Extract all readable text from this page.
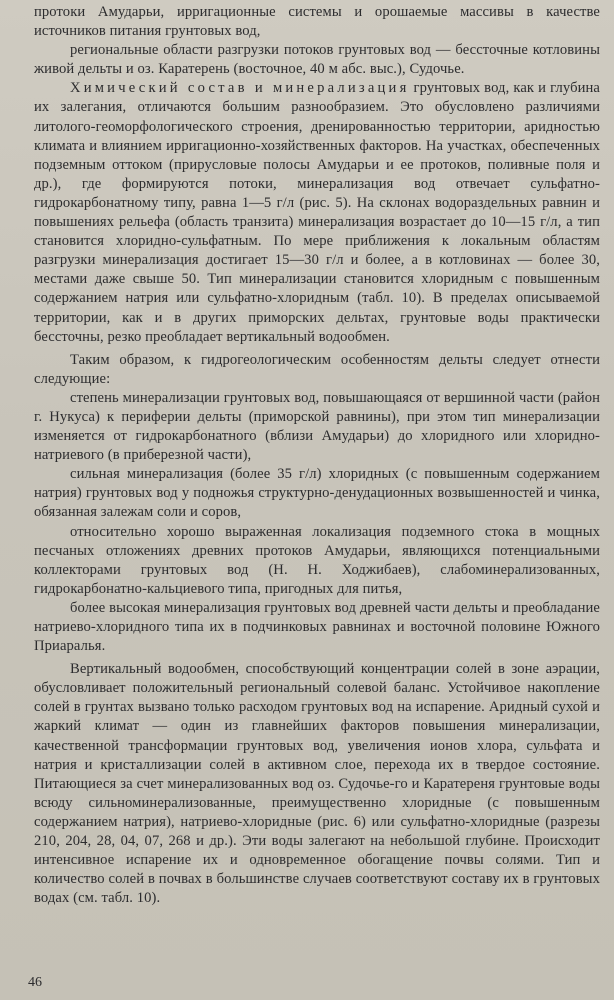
протоки Амударьи, ирригационные системы и орошаемые массивы в качестве источников питания грунтовых вод,

региональные области разгрузки потоков грунтовых вод — бессточные котловины живой дельты и оз. Каратерень (восточное, 40 м абс. выс.), Судочье.

Химический состав и минерализация грунтовых вод, как и глубина их залегания, отличаются большим разнообразием. Это обусловлено различиями литолого-геоморфологического строения, дренированностью территории, аридностью климата и влиянием ирригационно-хозяйственных факторов. На участках, обеспеченных подземным оттоком (прирусловые полосы Амударьи и ее протоков, поливные поля и др.), где формируются потоки, минерализация вод отвечает сульфатно-гидрокарбонатному типу, равна 1—5 г/л (рис. 5). На склонах водораздельных равнин и повышениях рельефа (область транзита) минерализация возрастает до 10—15 г/л, а тип становится хлоридно-сульфатным. По мере приближения к локальным областям разгрузки минерализация достигает 15—30 г/л и более, а в котловинах — более 30, местами даже свыше 50. Тип минерализации становится хлоридным с повышенным содержанием натрия или сульфатно-хлоридным (табл. 10). В пределах описываемой территории, как и в других приморских дельтах, грунтовые воды практически бессточны, резко преобладает вертикальный водообмен.

Таким образом, к гидрогеологическим особенностям дельты следует отнести следующие:

степень минерализации грунтовых вод, повышающаяся от вершинной части (район г. Нукуса) к периферии дельты (приморской равнины), при этом тип минерализации изменяется от гидрокарбонатного (вблизи Амударьи) до хлоридного или хлоридно-натриевого (в приберезной части),

сильная минерализация (более 35 г/л) хлоридных (с повышенным содержанием натрия) грунтовых вод у подножья структурно-денудационных возвышенностей и чинка, обязанная залежам соли и соров,

относительно хорошо выраженная локализация подземного стока в мощных песчаных отложениях древних протоков Амударьи, являющихся потенциальными коллекторами грунтовых вод (Н. Н. Ходжибаев), слабоминерализованных, гидрокарбонатно-кальциевого типа, пригодных для питья,

более высокая минерализация грунтовых вод древней части дельты и преобладание натриево-хлоридного типа их в подчинковых равнинах и восточной половине Южного Приаралья.

Вертикальный водообмен, способствующий концентрации солей в зоне аэрации, обусловливает положительный региональный солевой баланс. Устойчивое накопление солей в грунтах вызвано только расходом грунтовых вод на испарение. Аридный сухой и жаркий климат — один из главнейших факторов повышения минерализации, качественной трансформации грунтовых вод, увеличения ионов хлора, сульфата и натрия и кристаллизации солей в активном слое, перехода их в твердое состояние. Питающиеся за счет минерализованных вод оз. Судочье-го и Каратереня грунтовые воды всюду сильноминерализованные, преимущественно хлоридные (с повышенным содержанием натрия), натриево-хлоридные (рис. 6) или сульфатно-хлоридные (разрезы 210, 204, 28, 04, 07, 268 и др.). Эти воды залегают на небольшой глубине. Происходит интенсивное испарение их и одновременное обогащение почвы солями. Тип и количество солей в почвах в большинстве случаев соответствуют составу их в грунтовых водах (см. табл. 10).

46
